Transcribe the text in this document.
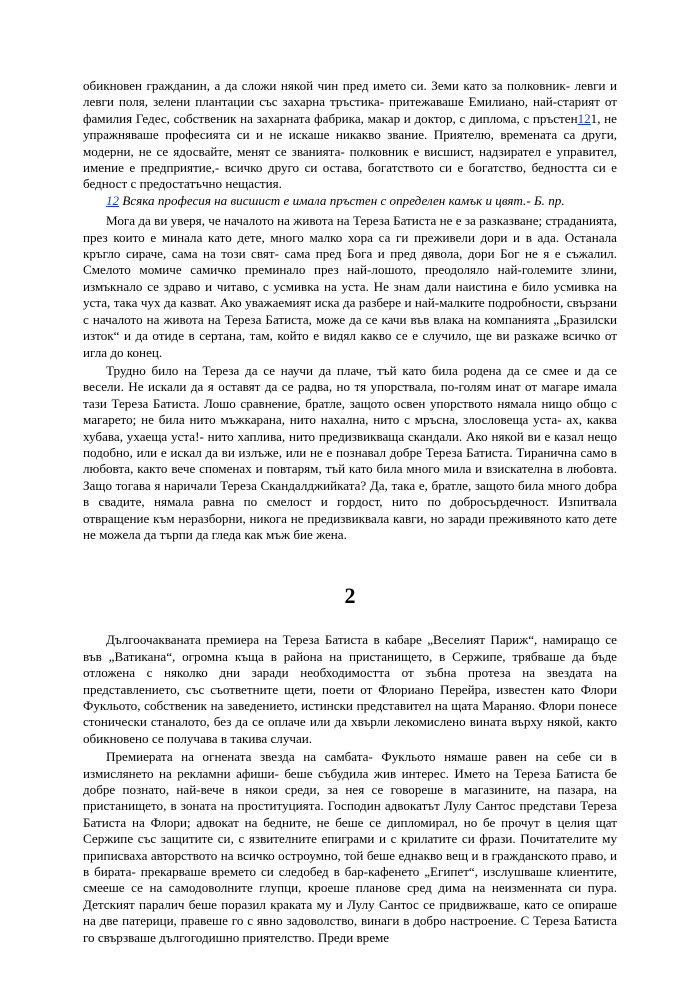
обикновен гражданин, а да сложи някой чин пред името си. Земи като за полковник- левги и левги поля, зелени плантации със захарна тръстика- притежаваше Емилиано, най-старият от фамилия Гедес, собственик на захарната фабрика, макар и доктор, с диплома, с пръстен121, не упражняваше професията си и не искаше никакво звание. Приятелю, времената са други, модерни, не се ядосвайте, менят се званията- полковник е висшист, надзирател е управител, имение е предприятие,- всичко друго си остава, богатството си е богатство, бедността си е бедност с предостатъчно нещастия.

12 Всяка професия на висшист е имала пръстен с определен камък и цвят.- Б. пр.

Мога да ви уверя, че началото на живота на Тереза Батиста не е за разказване; страданията, през които е минала като дете, много малко хора са ги преживели дори и в ада. Останала кръгло сираче, сама на този свят- сама пред Бога и пред дявола, дори Бог не я е съжалил. Смелото момиче самичко преминало през най-лошото, преодоляло най-големите злини, измъкнало се здраво и читаво, с усмивка на уста. Не знам дали наистина е било усмивка на уста, така чух да казват. Ако уважаемият иска да разбере и най-малките подробности, свързани с началото на живота на Тереза Батиста, може да се качи във влака на компанията „Бразилски изток“ и да отиде в сертана, там, който е видял какво се е случило, ще ви разкаже всичко от игла до конец.

Трудно било на Тереза да се научи да плаче, тъй като била родена да се смее и да се весели. Не искали да я оставят да се радва, но тя упорствала, по-голям инат от магаре имала тази Тереза Батиста. Лошо сравнение, братле, защото освен упорството нямала нищо общо с магарето; не била нито мъжкарана, нито нахална, нито с мръсна, злословеща уста- ах, каква хубава, ухаеща уста!- нито хаплива, нито предизвикваща скандали. Ако някой ви е казал нещо подобно, или е искал да ви излъже, или не е познавал добре Тереза Батиста. Тиранична само в любовта, както вече споменах и повтарям, тъй като била много мила и взискателна в любовта. Защо тогава я наричали Тереза Скандалджийката? Да, така е, братле, защото била много добра в свадите, нямала равна по смелост и гордост, нито по добросърдечност. Изпитвала отвращение към неразборни, никога не предизвиквала кавги, но заради преживяното като дете не можела да търпи да гледа как мъж бие жена.

2

Дългоочакваната премиера на Тереза Батиста в кабаре „Веселият Париж“, намиращо се във „Ватикана“, огромна къща в района на пристанището, в Сержипе, трябваше да бъде отложена с няколко дни заради необходимостта от зъбна протеза на звездата на представлението, със съответните щети, поети от Флориано Перейра, известен като Флори Фукльото, собственик на заведението, истински представител на щата Мараняо. Флори понесе стонически станалото, без да се оплаче или да хвърли лекомислено вината върху някой, както обикновено се получава в такива случаи.

Премиерата на огнената звезда на самбата- Фукльото нямаше равен на себе си в измислянето на рекламни афиши- беше събудила жив интерес. Името на Тереза Батиста бе добре познато, най-вече в някои среди, за нея се говореше в магазините, на пазара, на пристанището, в зоната на проституцията. Господин адвокатът Лулу Сантос представи Тереза Батиста на Флори; адвокат на бедните, не беше се дипломирал, но бе прочут в целия щат Сержипе със защитите си, с язвителните епиграми и с крилатите си фрази. Почитателите му приписваха авторството на всичко остроумно, той беше еднакво вещ и в гражданското право, и в бирата- прекарваше времето си следобед в бар-кафенето „Египет“, изслушваше клиентите, смееше се на самодоволните глупци, кроеше планове сред дима на неизменната си пура. Детският паралич беше поразил краката му и Лулу Сантос се придвижваше, като се опираше на две патерици, правеше го с явно задоволство, винаги в добро настроение. С Тереза Батиста го свързваше дългогодишно приятелство. Преди време
